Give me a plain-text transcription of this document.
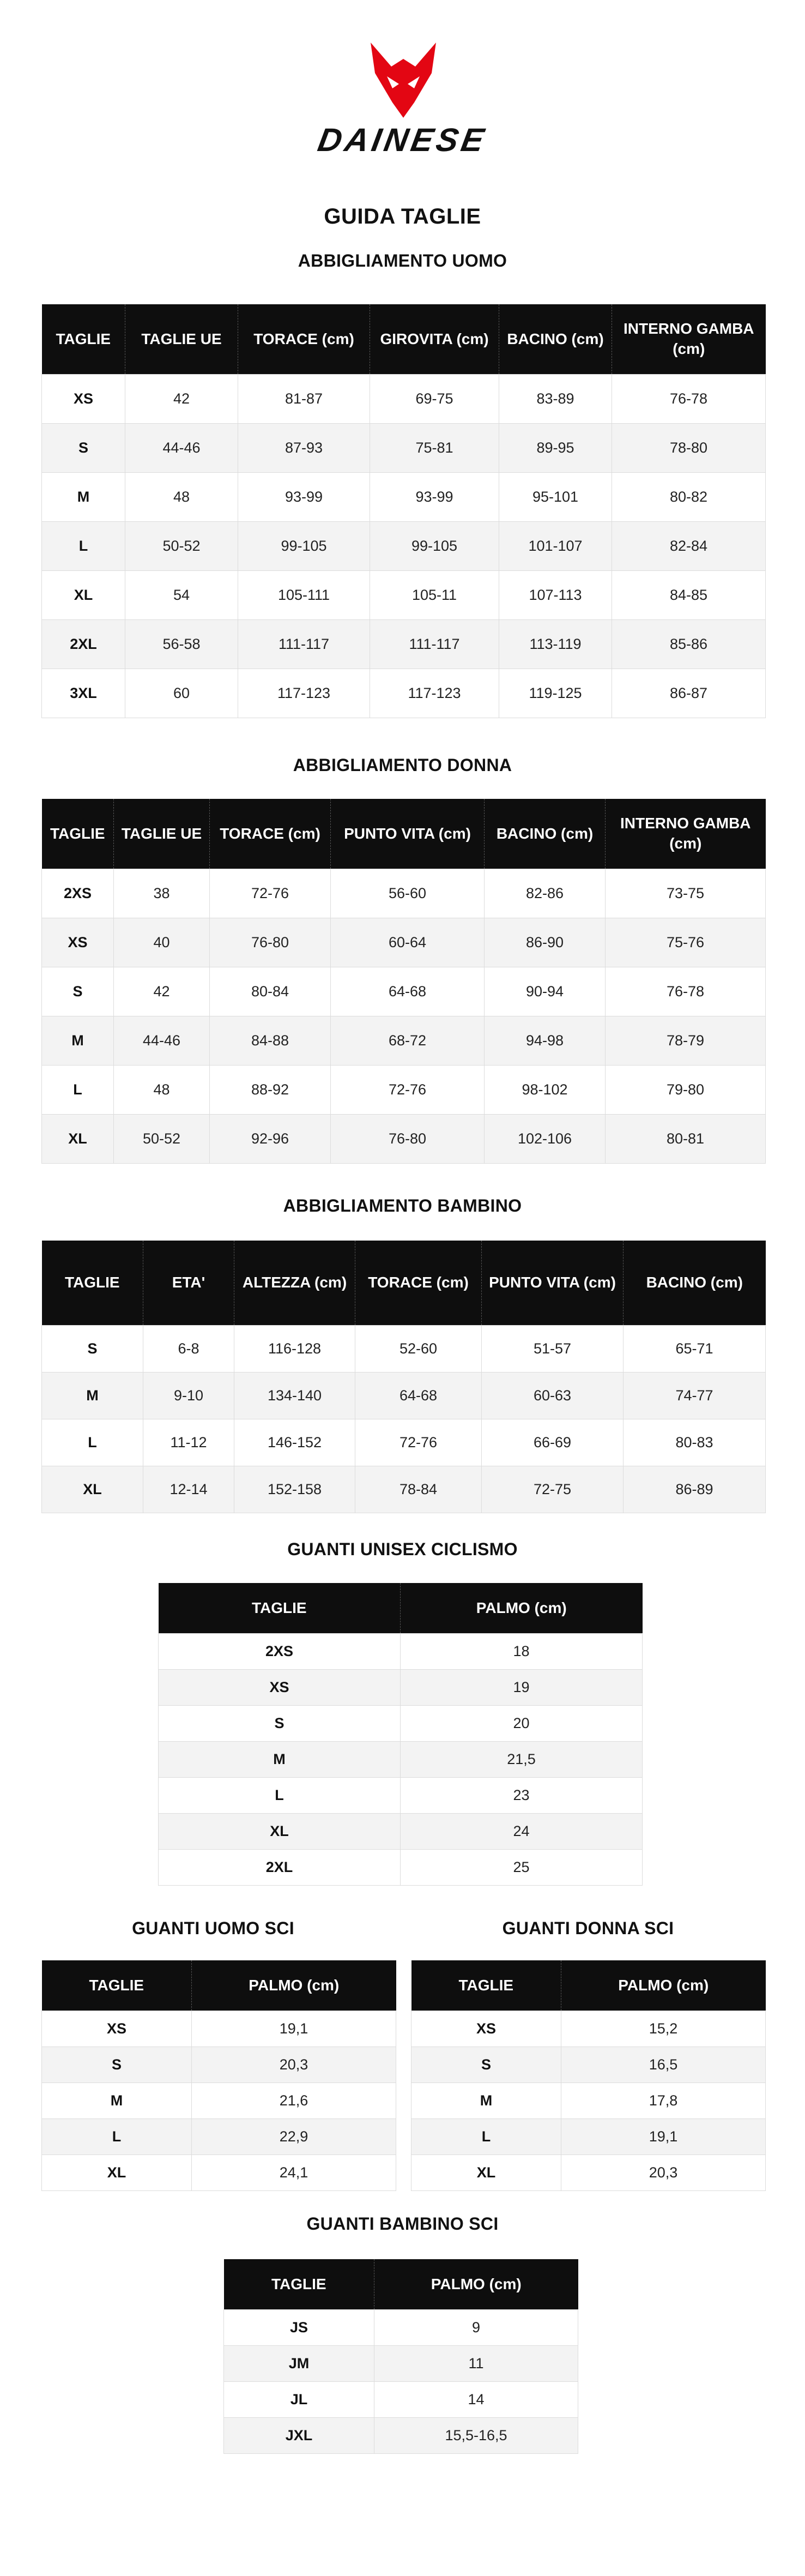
DAINESE
GUIDA TAGLIE
ABBIGLIAMENTO UOMO
TAGLIE	TAGLIE UE	TORACE (cm)	GIROVITA (cm)	BACINO (cm)	INTERNO GAMBA (cm)
XS	42	81-87	69-75	83-89	76-78
S	44-46	87-93	75-81	89-95	78-80
M	48	93-99	93-99	95-101	80-82
L	50-52	99-105	99-105	101-107	82-84
XL	54	105-111	105-11	107-113	84-85
2XL	56-58	111-117	111-117	113-119	85-86
3XL	60	117-123	117-123	119-125	86-87
ABBIGLIAMENTO DONNA
TAGLIE	TAGLIE UE	TORACE (cm)	PUNTO VITA (cm)	BACINO (cm)	INTERNO GAMBA (cm)
2XS	38	72-76	56-60	82-86	73-75
XS	40	76-80	60-64	86-90	75-76
S	42	80-84	64-68	90-94	76-78
M	44-46	84-88	68-72	94-98	78-79
L	48	88-92	72-76	98-102	79-80
XL	50-52	92-96	76-80	102-106	80-81
ABBIGLIAMENTO BAMBINO
TAGLIE	ETA'	ALTEZZA (cm)	TORACE (cm)	PUNTO VITA (cm)	BACINO (cm)
S	6-8	116-128	52-60	51-57	65-71
M	9-10	134-140	64-68	60-63	74-77
L	11-12	146-152	72-76	66-69	80-83
XL	12-14	152-158	78-84	72-75	86-89
GUANTI UNISEX CICLISMO
TAGLIE	PALMO (cm)
2XS	18
XS	19
S	20
M	21,5
L	23
XL	24
2XL	25
GUANTI UOMO SCI
TAGLIE	PALMO (cm)
XS	19,1
S	20,3
M	21,6
L	22,9
XL	24,1
GUANTI DONNA SCI
TAGLIE	PALMO (cm)
XS	15,2
S	16,5
M	17,8
L	19,1
XL	20,3
GUANTI BAMBINO SCI
TAGLIE	PALMO (cm)
JS	9
JM	11
JL	14
JXL	15,5-16,5
